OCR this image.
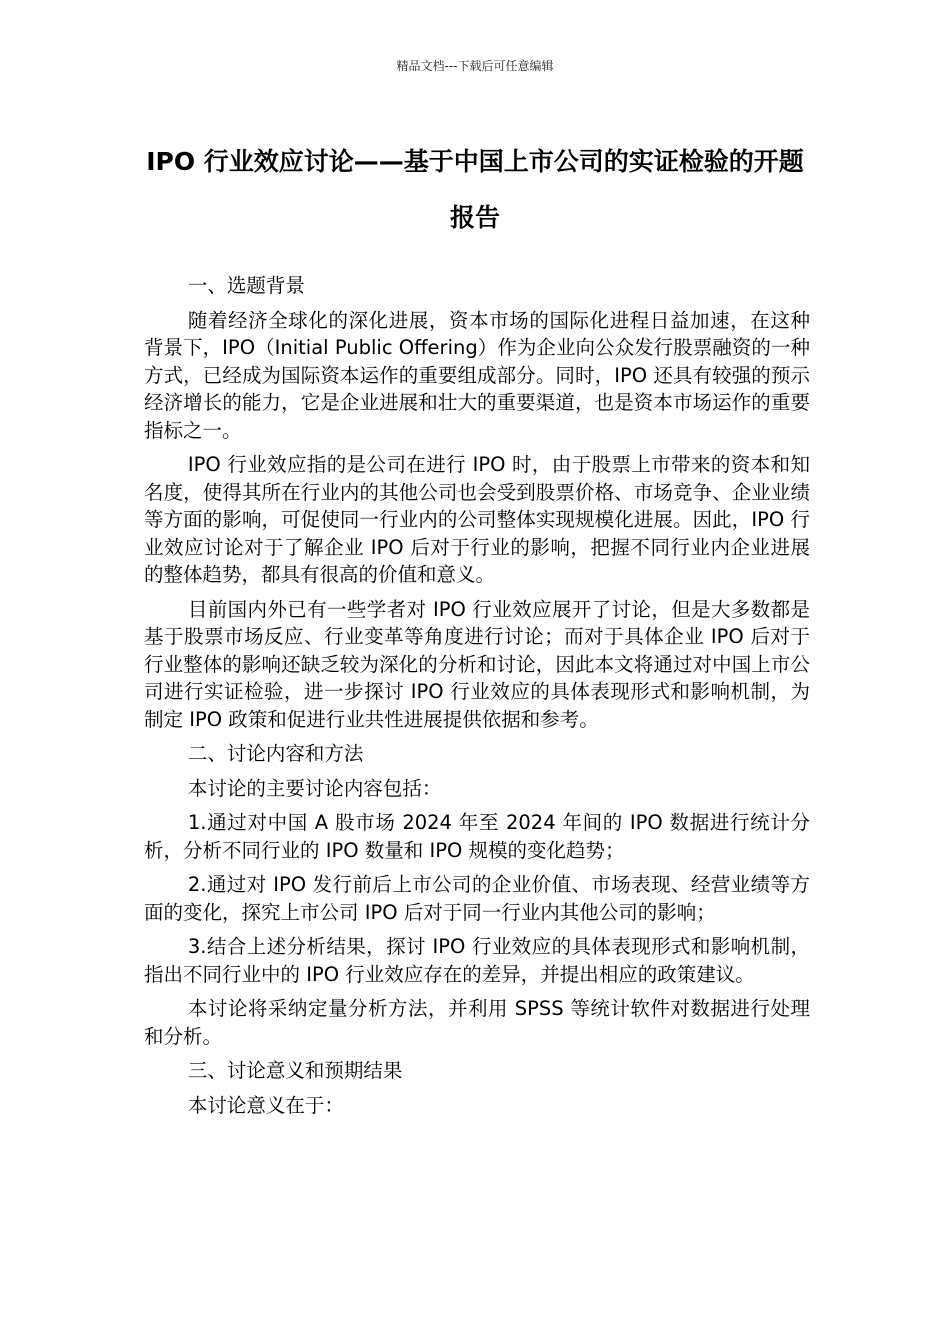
精品文档---下载后可任意编辑
IPO 行业效应讨论——基于中国上市公司的实证检验的开题报告

一、选题背景

随着经济全球化的深化进展，资本市场的国际化进程日益加速，在这种背景下，IPO（Initial Public Offering）作为企业向公众发行股票融资的一种方式，已经成为国际资本运作的重要组成部分。同时，IPO 还具有较强的预示经济增长的能力，它是企业进展和壮大的重要渠道，也是资本市场运作的重要指标之一。

IPO 行业效应指的是公司在进行 IPO 时，由于股票上市带来的资本和知名度，使得其所在行业内的其他公司也会受到股票价格、市场竞争、企业业绩等方面的影响，可促使同一行业内的公司整体实现规模化进展。因此，IPO 行业效应讨论对于了解企业 IPO 后对于行业的影响，把握不同行业内企业进展的整体趋势，都具有很高的价值和意义。

目前国内外已有一些学者对 IPO 行业效应展开了讨论，但是大多数都是基于股票市场反应、行业变革等角度进行讨论；而对于具体企业 IPO 后对于行业整体的影响还缺乏较为深化的分析和讨论，因此本文将通过对中国上市公司进行实证检验，进一步探讨 IPO 行业效应的具体表现形式和影响机制，为制定 IPO 政策和促进行业共性进展提供依据和参考。

二、讨论内容和方法

本讨论的主要讨论内容包括：

1.通过对中国 A 股市场 2024 年至 2024 年间的 IPO 数据进行统计分析，分析不同行业的 IPO 数量和 IPO 规模的变化趋势；

2.通过对 IPO 发行前后上市公司的企业价值、市场表现、经营业绩等方面的变化，探究上市公司 IPO 后对于同一行业内其他公司的影响；

3.结合上述分析结果，探讨 IPO 行业效应的具体表现形式和影响机制，指出不同行业中的 IPO 行业效应存在的差异，并提出相应的政策建议。

本讨论将采纳定量分析方法，并利用 SPSS 等统计软件对数据进行处理和分析。

三、讨论意义和预期结果

本讨论意义在于：
